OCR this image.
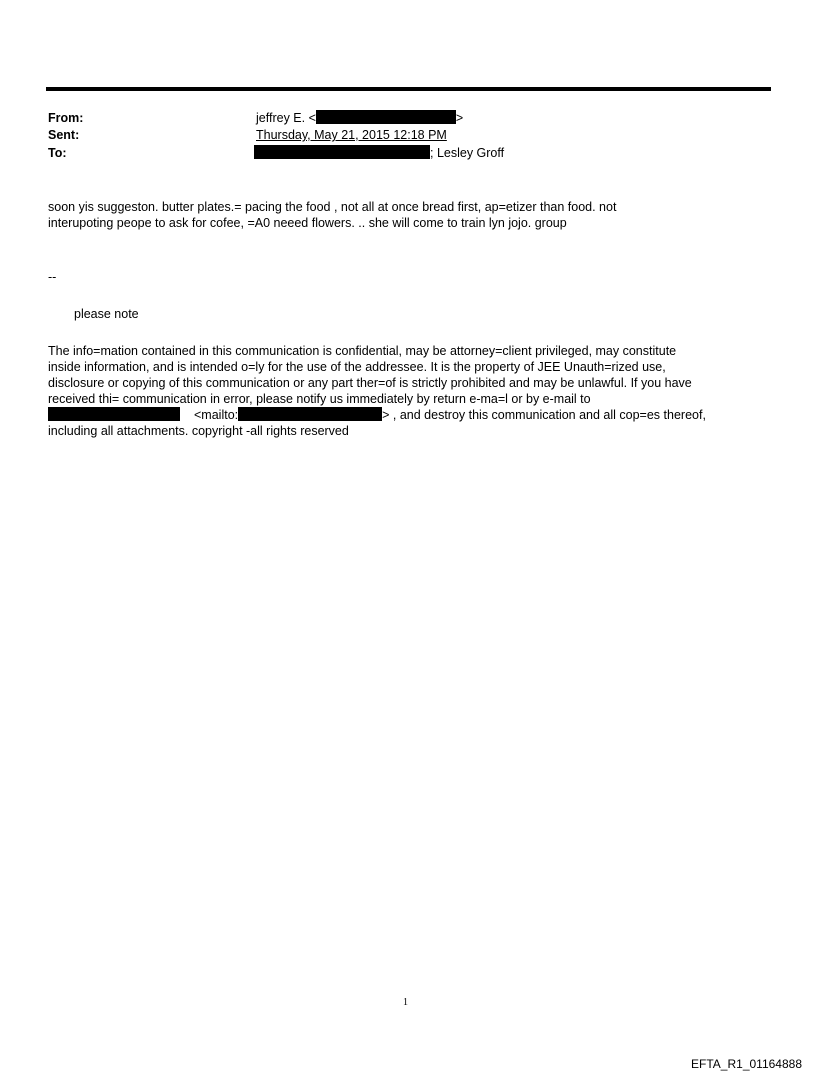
From:
Sent:
To:
jeffrey E. <	>
Thursday, May 21, 2015 12:18 PM
; Lesley Groff
soon yis suggeston. butter plates.= pacing the food , not all at once bread first, ap=etizer than food. not
interupoting peope to ask for cofee, =A0 neeed flowers. .. she will come to train lyn jojo. group
--
please note
The info=mation contained in this communication is confidential, may be attorney=client privileged, may constitute
inside information, and is intended o=ly for the use of the addressee. It is the property of JEE Unauth=rized use,
disclosure or copying of this communication or any part ther=of is strictly prohibited and may be unlawful. If you have
received thi= communication in error, please notify us immediately by return e-ma=l or by e-mail to
<mailto:	> , and destroy this communication and all cop=es thereof,
including all attachments. copyright -all rights reserved
1
EFTA_R1_01164888
